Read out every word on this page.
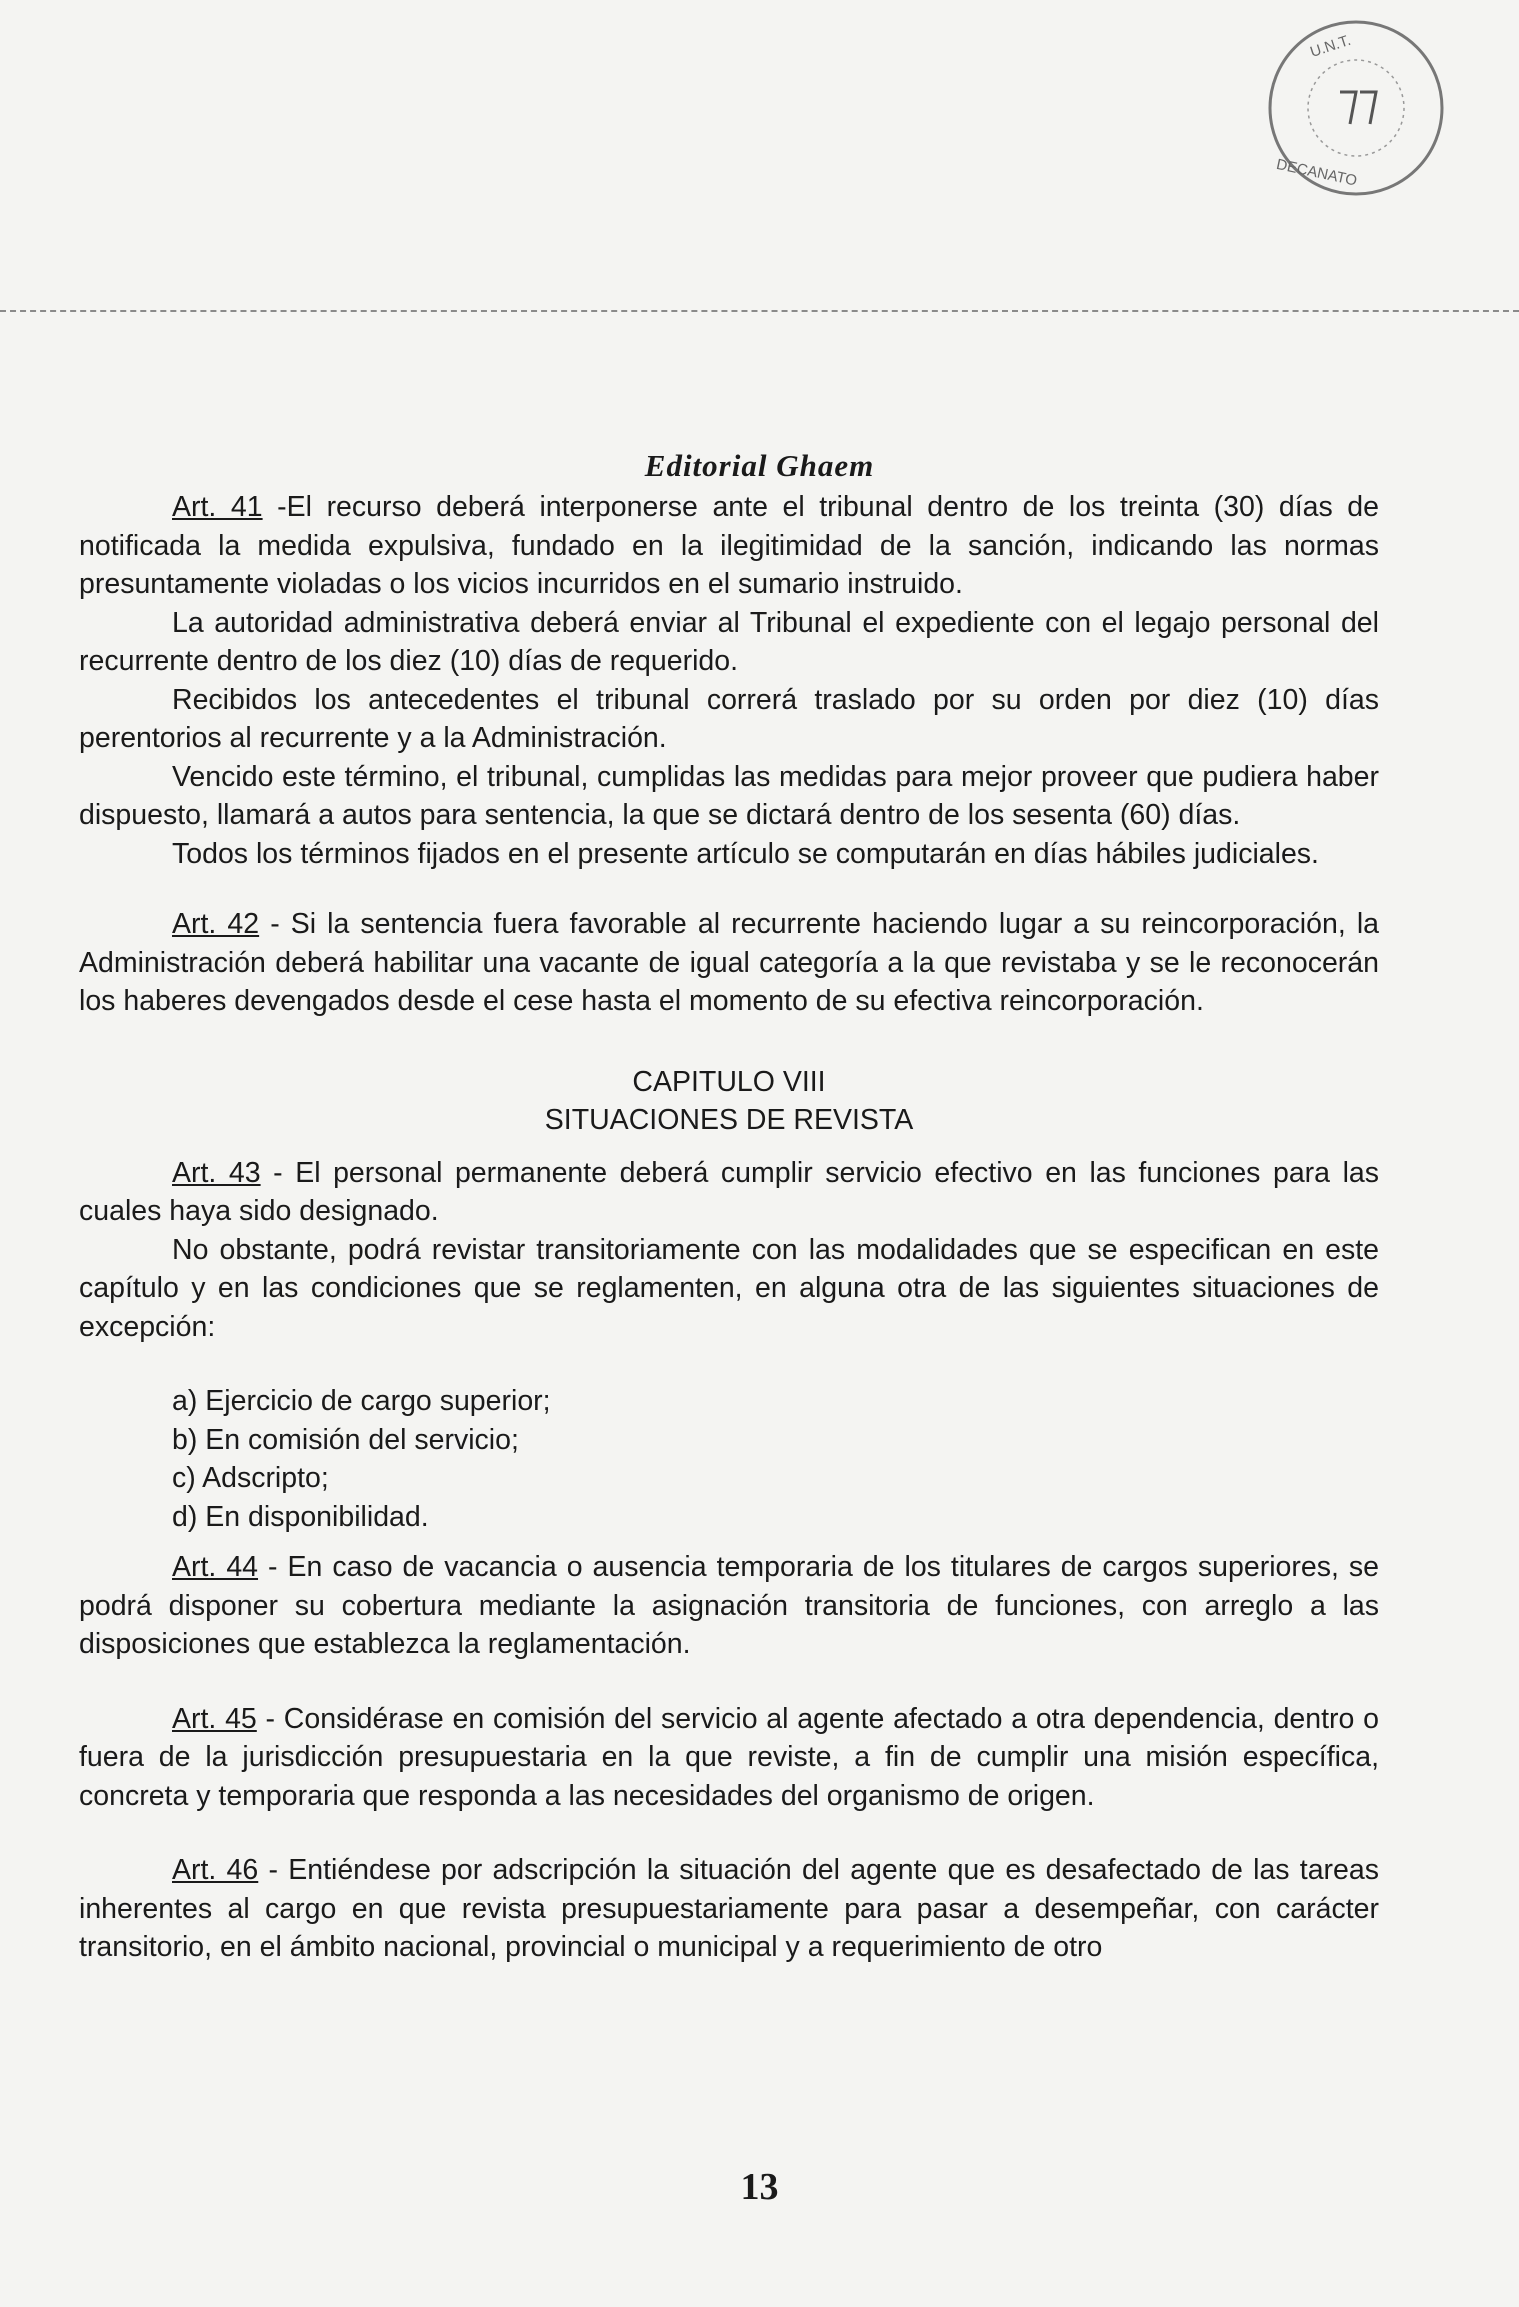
U.N.T.
DECANATO
Editorial Ghaem

Art. 41 -El recurso deberá interponerse ante el tribunal dentro de los treinta (30) días de notificada la medida expulsiva, fundado en la ilegitimidad de la sanción, indicando las normas presuntamente violadas o los vicios incurridos en el sumario instruido.

La autoridad administrativa deberá enviar al Tribunal el expediente con el legajo personal del recurrente dentro de los diez (10) días de requerido.

Recibidos los antecedentes el tribunal correrá traslado por su orden por diez (10) días perentorios al recurrente y a la Administración.

Vencido este término, el tribunal, cumplidas las medidas para mejor proveer que pudiera haber dispuesto, llamará a autos para sentencia, la que se dictará dentro de los sesenta (60) días.

Todos los términos fijados en el presente artículo se computarán en días hábiles judiciales.

Art. 42 - Si la sentencia fuera favorable al recurrente haciendo lugar a su reincorporación, la Administración deberá habilitar una vacante de igual categoría a la que revistaba y se le reconocerán los haberes devengados desde el cese hasta el momento de su efectiva reincorporación.

CAPITULO VIII

SITUACIONES DE REVISTA

Art. 43 - El personal permanente deberá cumplir servicio efectivo en las funciones para las cuales haya sido designado.

No obstante, podrá revistar transitoriamente con las modalidades que se especifican en este capítulo y en las condiciones que se reglamenten, en alguna otra de las siguientes situaciones de excepción:

a) Ejercicio de cargo superior;
b) En comisión del servicio;
c) Adscripto;
d) En disponibilidad.

Art. 44 - En caso de vacancia o ausencia temporaria de los titulares de cargos superiores, se podrá disponer su cobertura mediante la asignación transitoria de funciones, con arreglo a las disposiciones que establezca la reglamentación.

Art. 45 - Considérase en comisión del servicio al agente afectado a otra dependencia, dentro o fuera de la jurisdicción presupuestaria en la que reviste, a fin de cumplir una misión específica, concreta y temporaria que responda a las necesidades del organismo de origen.

Art. 46 - Entiéndese por adscripción la situación del agente que es desafectado de las tareas inherentes al cargo en que revista presupuestariamente para pasar a desempeñar, con carácter transitorio, en el ámbito nacional, provincial o municipal y a requerimiento de otro

13
